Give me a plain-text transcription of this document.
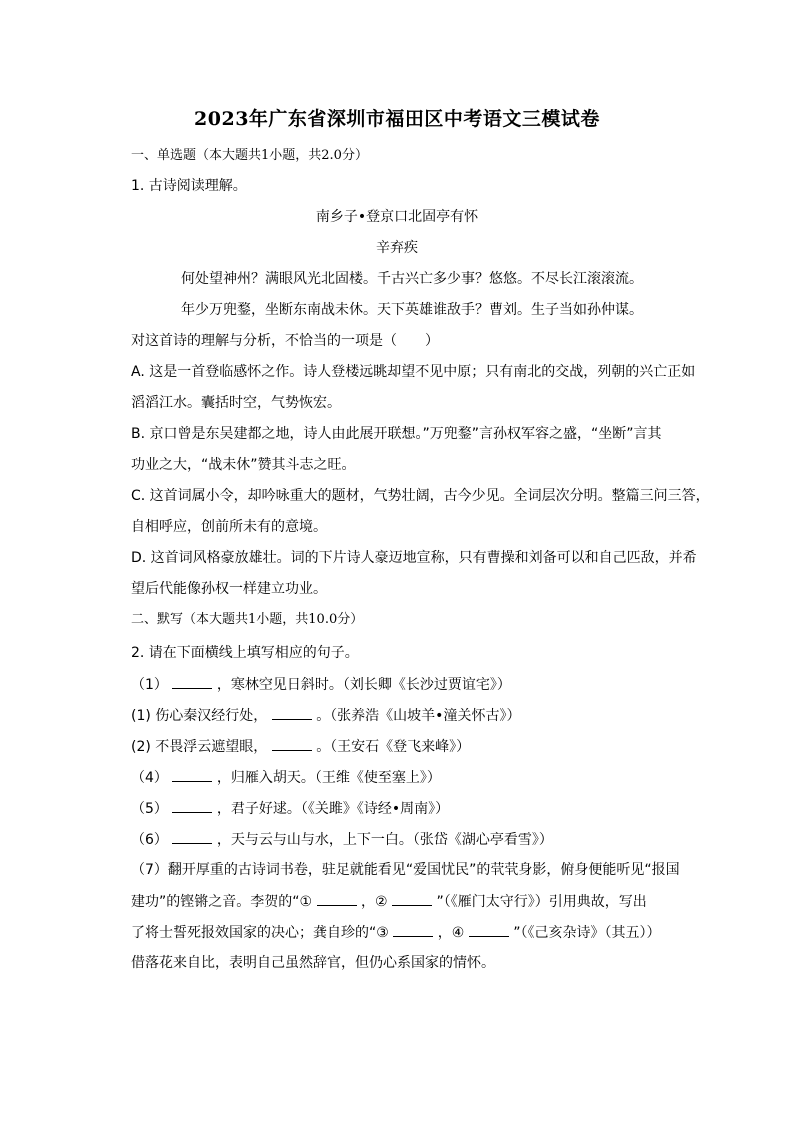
2023年广东省深圳市福田区中考语文三模试卷
一、单选题（本大题共1小题，共2.0分）
1. 古诗阅读理解。
南乡子•登京口北固亭有怀
辛弃疾
何处望神州？满眼风光北固楼。千古兴亡多少事？悠悠。不尽长江滚滚流。
年少万兜鍪，坐断东南战未休。天下英雄谁敌手？曹刘。生子当如孙仲谋。
对这首诗的理解与分析，不恰当的一项是（　　）
A. 这是一首登临感怀之作。诗人登楼远眺却望不见中原；只有南北的交战，列朝的兴亡正如
滔滔江水。囊括时空，气势恢宏。
B. 京口曾是东吴建都之地，诗人由此展开联想。”万兜鍪”言孙权军容之盛，“坐断”言其
功业之大，“战未休”赞其斗志之旺。
C. 这首词属小令，却吟咏重大的题材，气势壮阔，古今少见。全词层次分明。整篇三问三答，
自相呼应，创前所未有的意境。
D. 这首词风格豪放雄壮。词的下片诗人豪迈地宣称，只有曹操和刘备可以和自己匹敌，并希
望后代能像孙权一样建立功业。
二、默写（本大题共1小题，共10.0分）
2. 请在下面横线上填写相应的句子。
（1）	，寒林空见日斜时。（刘长卿《长沙过贾谊宅》）
(1) 伤心秦汉经行处，	。（张养浩《山坡羊•潼关怀古》）
(2) 不畏浮云遮望眼，	。（王安石《登飞来峰》）
（4）	，归雁入胡天。（王维《使至塞上》）
（5）	，君子好逑。（《关雎》《诗经•周南》）
（6）	，天与云与山与水，上下一白。（张岱《湖心亭看雪》）
（7）翻开厚重的古诗词书卷，驻足就能看见“爱国忧民”的茕茕身影，俯身便能听见“报国
建功”的铿锵之音。李贺的“①	，②	”（《雁门太守行》）引用典故，写出
了将士誓死报效国家的决心；龚自珍的“③	，④	”（《己亥杂诗》（其五））
借落花来自比，表明自己虽然辞官，但仍心系国家的情怀。
